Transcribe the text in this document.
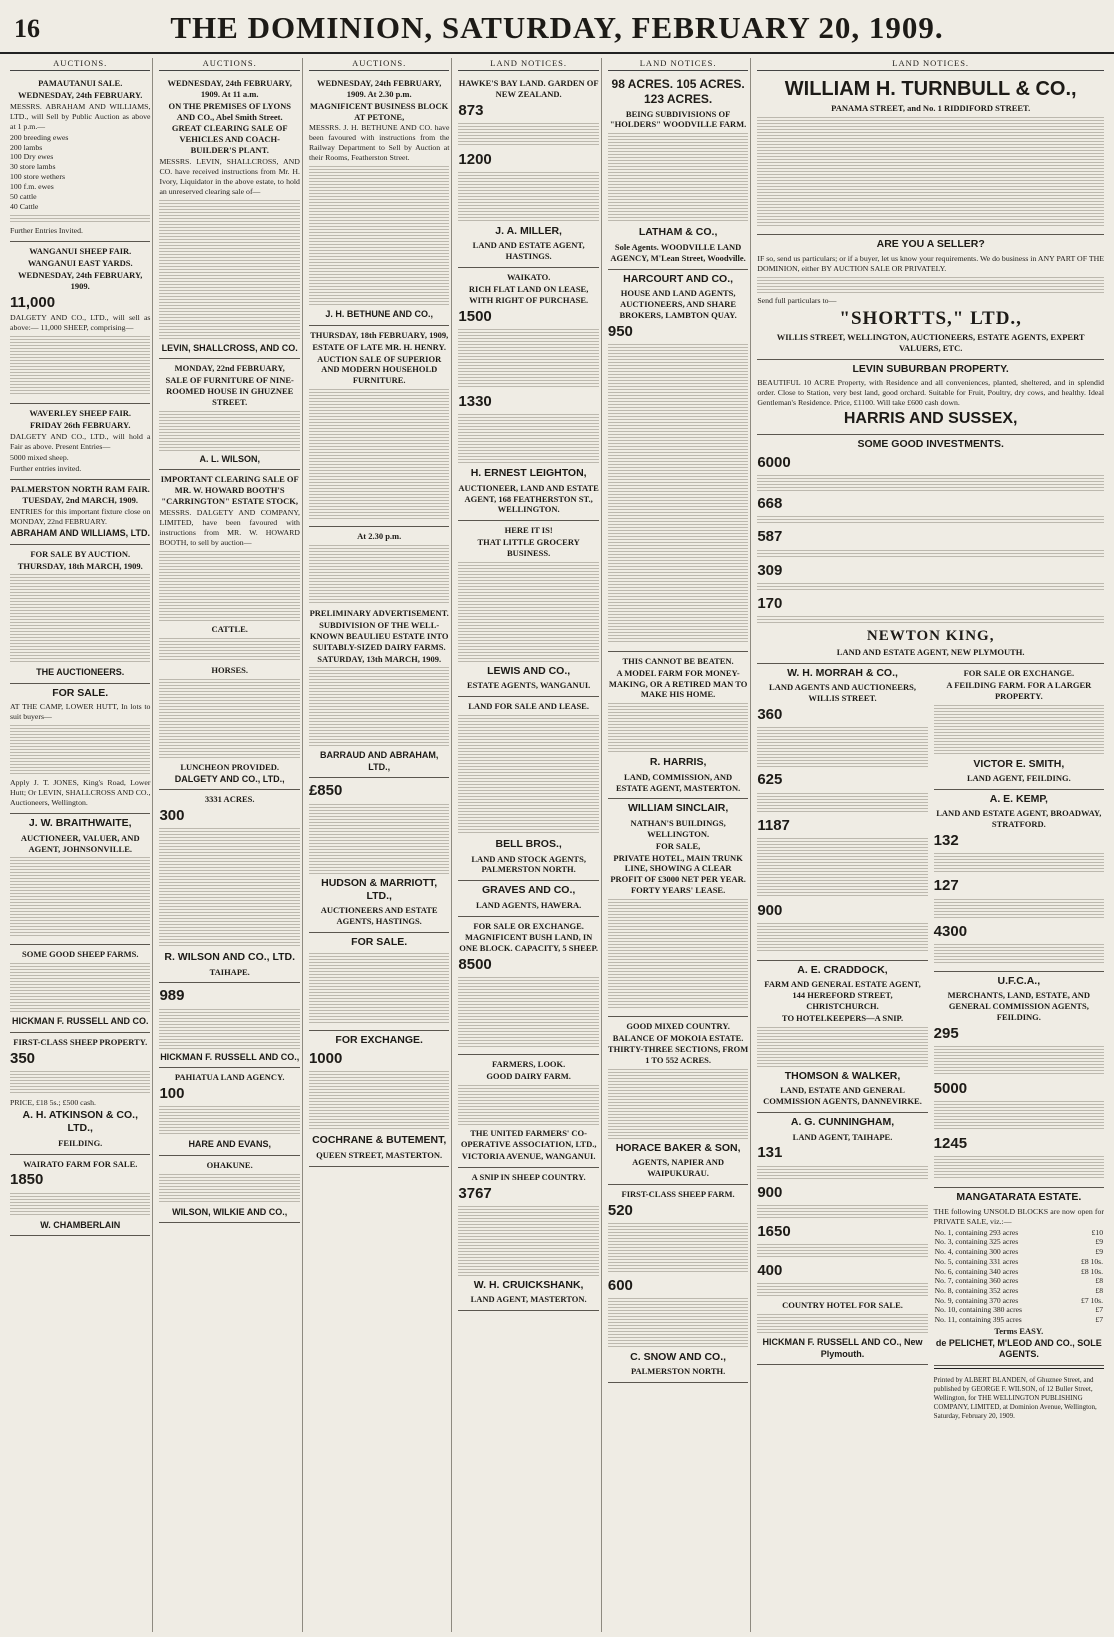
16	THE DOMINION, SATURDAY, FEBRUARY 20, 1909.
AUCTIONS.
PAMAUTANUI SALE.
WEDNESDAY, 24th FEBRUARY.

MESSRS. ABRAHAM AND WILLIAMS, LTD., will Sell by Public Auction as above at 1 p.m.—

200 breeding ewes
200 lambs
100 Dry ewes
30 store lambs
100 store wethers
100 f.m. ewes
50 cattle
40 Cattle

Further Entries Invited.

WANGANUI SHEEP FAIR.
WANGANUI EAST YARDS.
WEDNESDAY, 24th FEBRUARY, 1909.
11,000

DALGETY AND CO., LTD., will sell as above:— 11,000 SHEEP, comprising—

WAVERLEY SHEEP FAIR.
FRIDAY 26th FEBRUARY.

DALGETY AND CO., LTD., will hold a Fair as above. Present Entries—

5000 mixed sheep.

Further entries invited.

PALMERSTON NORTH RAM FAIR.
TUESDAY, 2nd MARCH, 1909.

ENTRIES for this important fixture close on MONDAY, 22nd FEBRUARY.

ABRAHAM AND WILLIAMS, LTD.
FOR SALE BY AUCTION.
THURSDAY, 18th MARCH, 1909.
THE AUCTIONEERS.
FOR SALE.

AT THE CAMP, LOWER HUTT, In lots to suit buyers—

Apply J. T. JONES, King's Road, Lower Hutt; Or LEVIN, SHALLCROSS AND CO., Auctioneers, Wellington.

J. W. BRAITHWAITE,
AUCTIONEER, VALUER, AND AGENT, JOHNSONVILLE.
SOME GOOD SHEEP FARMS.
HICKMAN F. RUSSELL AND CO.
FIRST-CLASS SHEEP PROPERTY.
350

PRICE, £18 5s.; £500 cash.

A. H. ATKINSON & CO., LTD.,
FEILDING.
WAIRATO FARM FOR SALE.
1850
W. CHAMBERLAIN
AUCTIONS.
WEDNESDAY, 24th FEBRUARY, 1909. At 11 a.m.
ON THE PREMISES OF LYONS AND CO., Abel Smith Street.
GREAT CLEARING SALE OF VEHICLES AND COACH-BUILDER'S PLANT.

MESSRS. LEVIN, SHALLCROSS, AND CO. have received instructions from Mr. H. Ivory, Liquidator in the above estate, to hold an unreserved clearing sale of—

LEVIN, SHALLCROSS, AND CO.
MONDAY, 22nd FEBRUARY,
SALE OF FURNITURE OF NINE-ROOMED HOUSE IN GHUZNEE STREET.
A. L. WILSON,
IMPORTANT CLEARING SALE OF MR. W. HOWARD BOOTH'S "CARRINGTON" ESTATE STOCK,

MESSRS. DALGETY AND COMPANY, LIMITED, have been favoured with instructions from MR. W. HOWARD BOOTH, to sell by auction—

CATTLE.
HORSES.
LUNCHEON PROVIDED.
DALGETY AND CO., LTD.,
3331 ACRES.
300
R. WILSON AND CO., LTD.
TAIHAPE.
989
HICKMAN F. RUSSELL AND CO.,
PAHIATUA LAND AGENCY.
100
HARE AND EVANS,
OHAKUNE.
WILSON, WILKIE AND CO.,
AUCTIONS.
WEDNESDAY, 24th FEBRUARY, 1909. At 2.30 p.m.
MAGNIFICENT BUSINESS BLOCK AT PETONE,

MESSRS. J. H. BETHUNE AND CO. have been favoured with instructions from the Railway Department to Sell by Auction at their Rooms, Featherston Street.

J. H. BETHUNE AND CO.,
THURSDAY, 18th FEBRUARY, 1909,
ESTATE OF LATE MR. H. HENRY.
AUCTION SALE OF SUPERIOR AND MODERN HOUSEHOLD FURNITURE.
At 2.30 p.m.
PRELIMINARY ADVERTISEMENT.
SUBDIVISION OF THE WELL-KNOWN BEAULIEU ESTATE INTO SUITABLY-SIZED DAIRY FARMS.
SATURDAY, 13th MARCH, 1909.
BARRAUD AND ABRAHAM, LTD.,
£850
HUDSON & MARRIOTT, LTD.,
AUCTIONEERS AND ESTATE AGENTS, HASTINGS.
FOR SALE.
FOR EXCHANGE.
1000
COCHRANE & BUTEMENT,
QUEEN STREET, MASTERTON.
LAND NOTICES.
HAWKE'S BAY LAND. GARDEN OF NEW ZEALAND.
873
1200
J. A. MILLER,
LAND AND ESTATE AGENT, HASTINGS.
WAIKATO.
RICH FLAT LAND ON LEASE, WITH RIGHT OF PURCHASE.
1500
1330
H. ERNEST LEIGHTON,
AUCTIONEER, LAND AND ESTATE AGENT, 168 FEATHERSTON ST., WELLINGTON.
HERE IT IS!
THAT LITTLE GROCERY BUSINESS.
LEWIS AND CO.,
ESTATE AGENTS, WANGANUI.
LAND FOR SALE AND LEASE.
BELL BROS.,
LAND AND STOCK AGENTS, PALMERSTON NORTH.
GRAVES AND CO.,
LAND AGENTS, HAWERA.
FOR SALE OR EXCHANGE.
MAGNIFICENT BUSH LAND, IN ONE BLOCK. CAPACITY, 5 SHEEP.
8500
FARMERS, LOOK.
GOOD DAIRY FARM.
THE UNITED FARMERS' CO-OPERATIVE ASSOCIATION, LTD.,
VICTORIA AVENUE, WANGANUI.
A SNIP IN SHEEP COUNTRY.
3767
W. H. CRUICKSHANK,
LAND AGENT, MASTERTON.
LAND NOTICES.
98 ACRES. 105 ACRES. 123 ACRES.
BEING SUBDIVISIONS OF "HOLDERS" WOODVILLE FARM.
LATHAM & CO.,
Sole Agents. WOODVILLE LAND AGENCY, M'Lean Street, Woodville.
HARCOURT AND CO.,
HOUSE AND LAND AGENTS, AUCTIONEERS, AND SHARE BROKERS, LAMBTON QUAY.
950
THIS CANNOT BE BEATEN.
A MODEL FARM FOR MONEY-MAKING, OR A RETIRED MAN TO MAKE HIS HOME.
R. HARRIS,
LAND, COMMISSION, AND ESTATE AGENT, MASTERTON.
WILLIAM SINCLAIR,
NATHAN'S BUILDINGS, WELLINGTON.
FOR SALE,
PRIVATE HOTEL, MAIN TRUNK LINE, SHOWING A CLEAR PROFIT OF £3000 NET PER YEAR. FORTY YEARS' LEASE.
GOOD MIXED COUNTRY.
BALANCE OF MOKOIA ESTATE. THIRTY-THREE SECTIONS, FROM 1 TO 552 ACRES.
HORACE BAKER & SON,
AGENTS, NAPIER AND WAIPUKURAU.
FIRST-CLASS SHEEP FARM.
520
600
C. SNOW AND CO.,
PALMERSTON NORTH.
LAND NOTICES.
WILLIAM H. TURNBULL & CO.,
PANAMA STREET, and No. 1 RIDDIFORD STREET.
ARE YOU A SELLER?

IF so, send us particulars; or if a buyer, let us know your requirements. We do business in ANY PART OF THE DOMINION, either BY AUCTION SALE OR PRIVATELY.

Send full particulars to—

"SHORTTS," LTD.,
WILLIS STREET, WELLINGTON, AUCTIONEERS, ESTATE AGENTS, EXPERT VALUERS, ETC.
LEVIN SUBURBAN PROPERTY.

BEAUTIFUL 10 ACRE Property, with Residence and all conveniences, planted, sheltered, and in splendid order. Close to Station, very best land, good orchard. Suitable for Fruit, Poultry, dry cows, and healthy. Ideal Gentleman's Residence. Price, £1100. Will take £600 cash down.

HARRIS AND SUSSEX,
SOME GOOD INVESTMENTS.
6000
668
587
309
170
NEWTON KING,
LAND AND ESTATE AGENT, NEW PLYMOUTH.
W. H. MORRAH & CO.,
LAND AGENTS AND AUCTIONEERS, WILLIS STREET.
360
625
1187
900
A. E. CRADDOCK,
FARM AND GENERAL ESTATE AGENT, 144 HEREFORD STREET, CHRISTCHURCH.
TO HOTELKEEPERS—A SNIP.
THOMSON & WALKER,
LAND, ESTATE AND GENERAL COMMISSION AGENTS, DANNEVIRKE.
A. G. CUNNINGHAM,
LAND AGENT, TAIHAPE.
131
900
1650
400
COUNTRY HOTEL FOR SALE.
HICKMAN F. RUSSELL AND CO., New Plymouth.
FOR SALE OR EXCHANGE.
A FEILDING FARM. FOR A LARGER PROPERTY.
VICTOR E. SMITH,
LAND AGENT, FEILDING.
A. E. KEMP,
LAND AND ESTATE AGENT, BROADWAY, STRATFORD.
132
127
4300
U.F.C.A.,
MERCHANTS, LAND, ESTATE, AND GENERAL COMMISSION AGENTS, FEILDING.
295
5000
1245
MANGATARATA ESTATE.

THE following UNSOLD BLOCKS are now open for PRIVATE SALE, viz.:—

No. 1, containing 293 acres	£10
No. 3, containing 325 acres	£9
No. 4, containing 300 acres	£9
No. 5, containing 331 acres	£8 10s.
No. 6, containing 340 acres	£8 10s.
No. 7, containing 360 acres	£8
No. 8, containing 352 acres	£8
No. 9, containing 370 acres	£7 10s.
No. 10, containing 380 acres	£7
No. 11, containing 395 acres	£7
Terms EASY.
de PELICHET, M'LEOD AND CO., SOLE AGENTS.

Printed by ALBERT BLANDEN, of Ghuznee Street, and published by GEORGE F. WILSON, of 12 Buller Street, Wellington, for THE WELLINGTON PUBLISHING COMPANY, LIMITED, at Dominion Avenue, Wellington, Saturday, February 20, 1909.
